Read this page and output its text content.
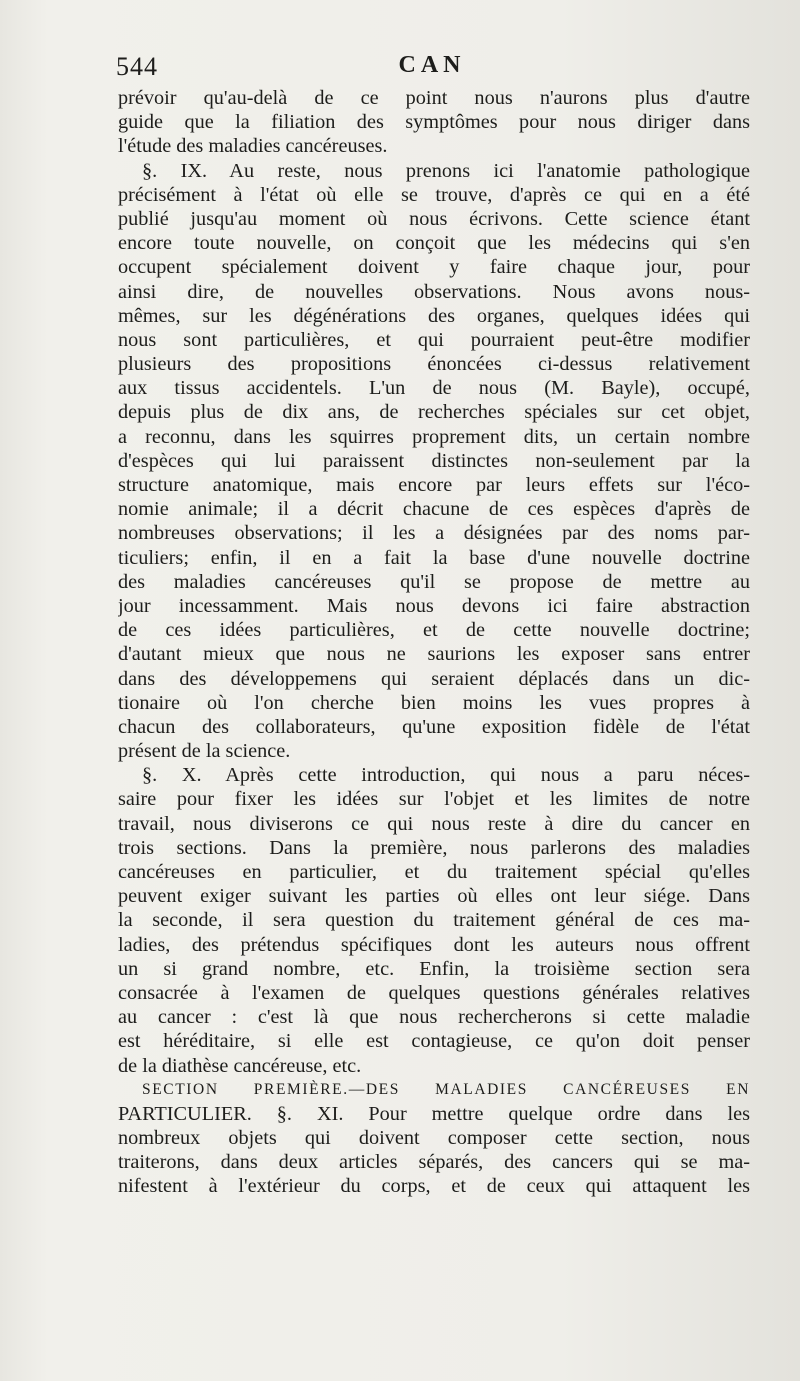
544	CAN
prévoir qu'au-delà de ce point nous n'aurons plus d'autre
guide que la filiation des symptômes pour nous diriger dans
l'étude des maladies cancéreuses.
§. IX. Au reste, nous prenons ici l'anatomie pathologique
précisément à l'état où elle se trouve, d'après ce qui en a été
publié jusqu'au moment où nous écrivons. Cette science étant
encore toute nouvelle, on conçoit que les médecins qui s'en
occupent spécialement doivent y faire chaque jour, pour
ainsi dire, de nouvelles observations. Nous avons nous-
mêmes, sur les dégénérations des organes, quelques idées qui
nous sont particulières, et qui pourraient peut-être modifier
plusieurs des propositions énoncées ci-dessus relativement
aux tissus accidentels. L'un de nous (M. Bayle), occupé,
depuis plus de dix ans, de recherches spéciales sur cet objet,
a reconnu, dans les squirres proprement dits, un certain nombre
d'espèces qui lui paraissent distinctes non-seulement par la
structure anatomique, mais encore par leurs effets sur l'éco-
nomie animale; il a décrit chacune de ces espèces d'après de
nombreuses observations; il les a désignées par des noms par-
ticuliers; enfin, il en a fait la base d'une nouvelle doctrine
des maladies cancéreuses qu'il se propose de mettre au
jour incessamment. Mais nous devons ici faire abstraction
de ces idées particulières, et de cette nouvelle doctrine;
d'autant mieux que nous ne saurions les exposer sans entrer
dans des développemens qui seraient déplacés dans un dic-
tionaire où l'on cherche bien moins les vues propres à
chacun des collaborateurs, qu'une exposition fidèle de l'état
présent de la science.
§. X. Après cette introduction, qui nous a paru néces-
saire pour fixer les idées sur l'objet et les limites de notre
travail, nous diviserons ce qui nous reste à dire du cancer en
trois sections. Dans la première, nous parlerons des maladies
cancéreuses en particulier, et du traitement spécial qu'elles
peuvent exiger suivant les parties où elles ont leur siége. Dans
la seconde, il sera question du traitement général de ces ma-
ladies, des prétendus spécifiques dont les auteurs nous offrent
un si grand nombre, etc. Enfin, la troisième section sera
consacrée à l'examen de quelques questions générales relatives
au cancer : c'est là que nous rechercherons si cette maladie
est héréditaire, si elle est contagieuse, ce qu'on doit penser
de la diathèse cancéreuse, etc.
SECTION PREMIÈRE.—DES MALADIES CANCÉREUSES EN
PARTICULIER. §. XI. Pour mettre quelque ordre dans les
nombreux objets qui doivent composer cette section, nous
traiterons, dans deux articles séparés, des cancers qui se ma-
nifestent à l'extérieur du corps, et de ceux qui attaquent les
